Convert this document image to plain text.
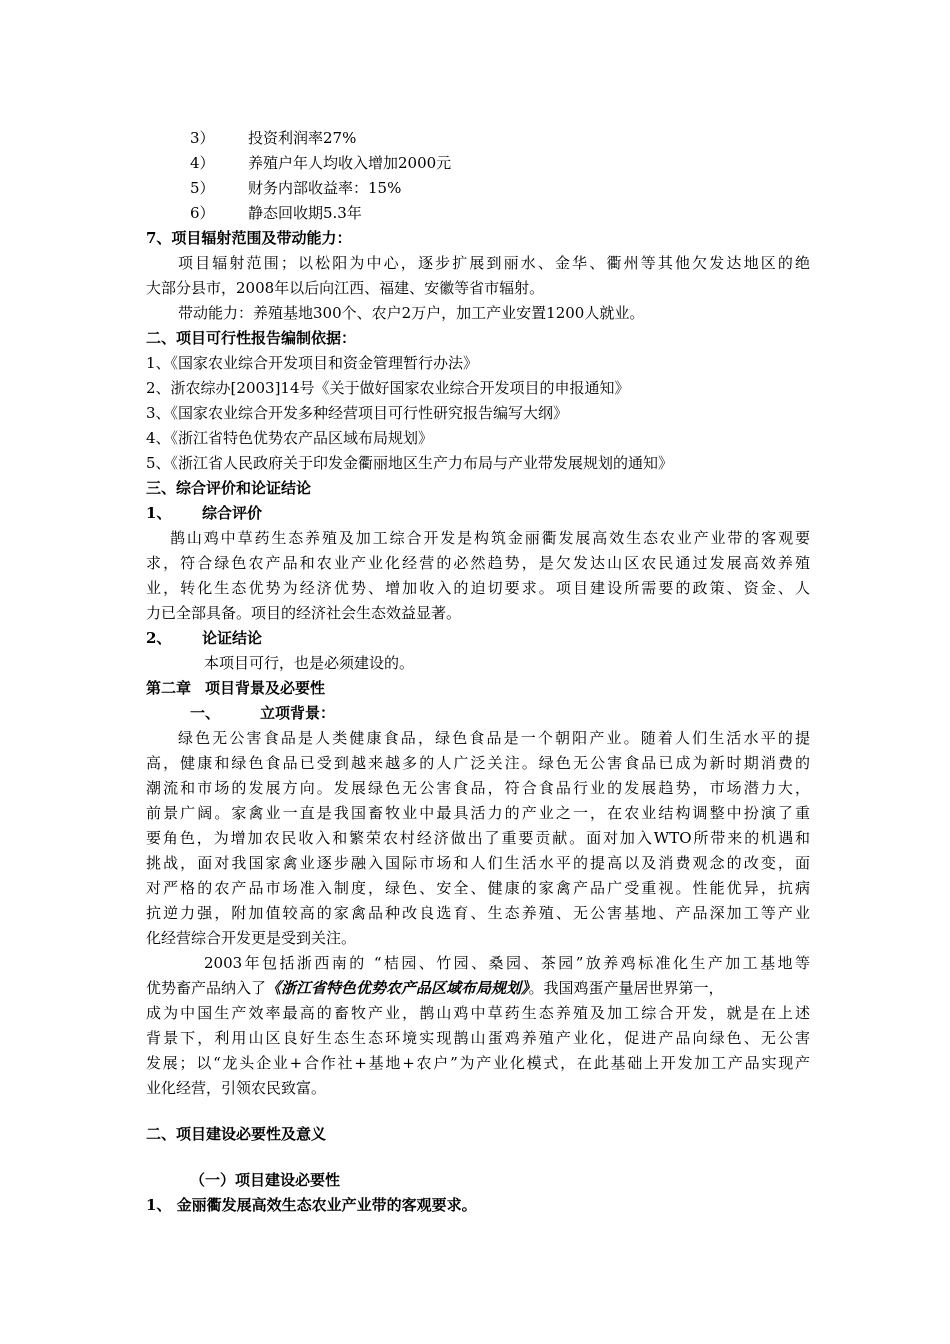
3） 投资利润率27%
4） 养殖户年人均收入增加2000元
5） 财务内部收益率：15%
6） 静态回收期5.3年
7、项目辐射范围及带动能力：
项目辐射范围；以松阳为中心，逐步扩展到丽水、金华、衢州等其他欠发达地区的绝
大部分县市，2008年以后向江西、福建、安徽等省市辐射。
带动能力：养殖基地300个、农户2万户，加工产业安置1200人就业。
二、项目可行性报告编制依据：
1、《国家农业综合开发项目和资金管理暂行办法》
2、浙农综办[2003]14号《关于做好国家农业综合开发项目的申报通知》
3、《国家农业综合开发多种经营项目可行性研究报告编写大纲》
4、《浙江省特色优势农产品区域布局规划》
5、《浙江省人民政府关于印发金衢丽地区生产力布局与产业带发展规划的通知》
三、综合评价和论证结论
1、 综合评价
鹊山鸡中草药生态养殖及加工综合开发是构筑金丽衢发展高效生态农业产业带的客观要
求，符合绿色农产品和农业产业化经营的必然趋势，是欠发达山区农民通过发展高效养殖
业，转化生态优势为经济优势、增加收入的迫切要求。项目建设所需要的政策、资金、人
力已全部具备。项目的经济社会生态效益显著。
2、 论证结论
本项目可行，也是必须建设的。
第二章 项目背景及必要性
一、	立项背景：
绿色无公害食品是人类健康食品，绿色食品是一个朝阳产业。随着人们生活水平的提
高，健康和绿色食品已受到越来越多的人广泛关注。绿色无公害食品已成为新时期消费的
潮流和市场的发展方向。发展绿色无公害食品，符合食品行业的发展趋势，市场潜力大，
前景广阔。家禽业一直是我国畜牧业中最具活力的产业之一，在农业结构调整中扮演了重
要角色，为增加农民收入和繁荣农村经济做出了重要贡献。面对加入WTO所带来的机遇和
挑战，面对我国家禽业逐步融入国际市场和人们生活水平的提高以及消费观念的改变，面
对严格的农产品市场准入制度，绿色、安全、健康的家禽产品广受重视。性能优异，抗病
抗逆力强，附加值较高的家禽品种改良选育、生态养殖、无公害基地、产品深加工等产业
化经营综合开发更是受到关注。
2003年包括浙西南的 “桔园、竹园、桑园、茶园”放养鸡标准化生产加工基地等
优势畜产品纳入了《浙江省特色优势农产品区域布局规划》。我国鸡蛋产量居世界第一，
成为中国生产效率最高的畜牧产业，鹊山鸡中草药生态养殖及加工综合开发，就是在上述
背景下，利用山区良好生态生态环境实现鹊山蛋鸡养殖产业化，促进产品向绿色、无公害
发展；以“龙头企业+合作社+基地+农户”为产业化模式，在此基础上开发加工产品实现产
业化经营，引领农民致富。
二、项目建设必要性及意义
（一）项目建设必要性
1、 金丽衢发展高效生态农业产业带的客观要求。
